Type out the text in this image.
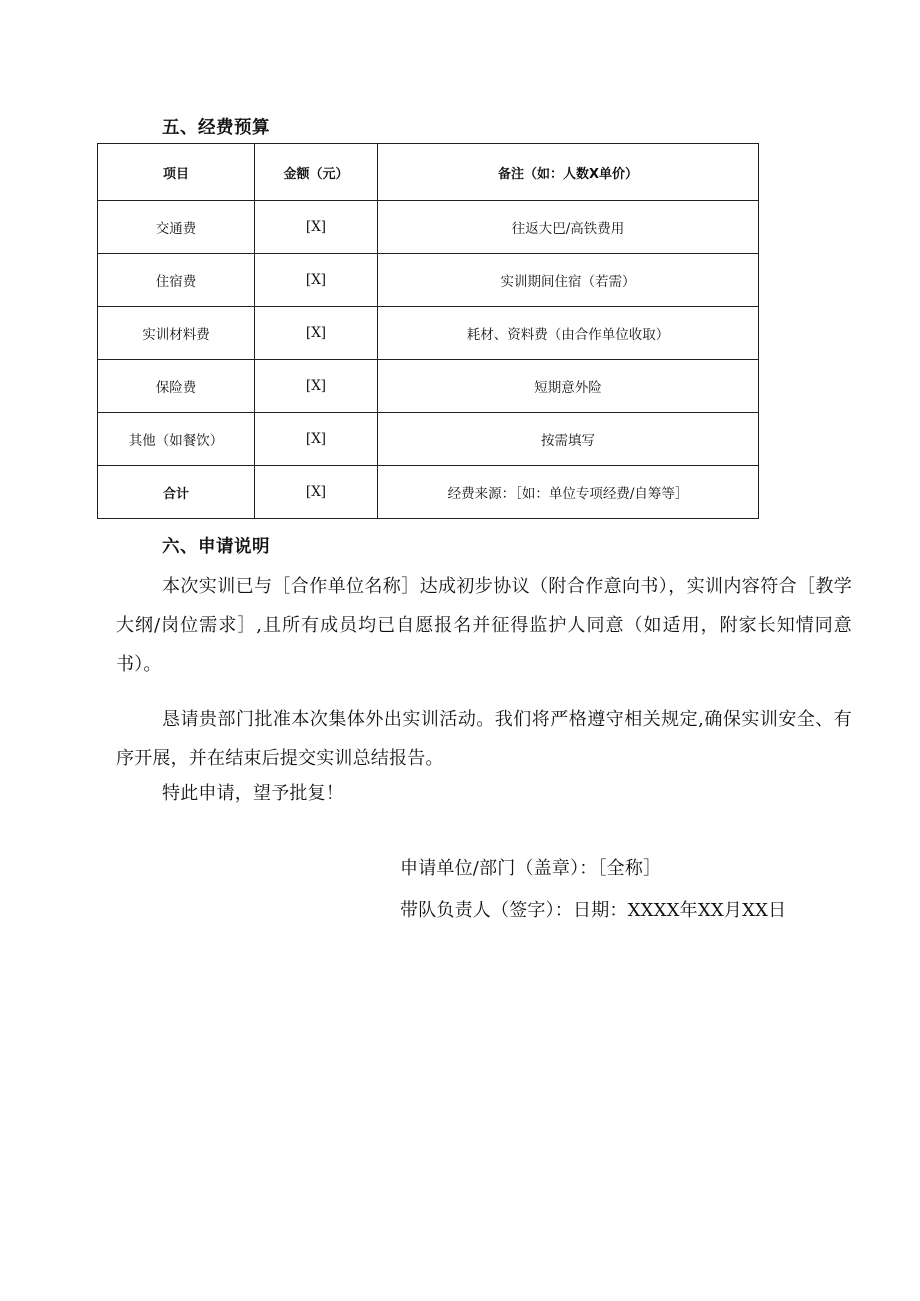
五、经费预算
项目	金额（元）	备注（如：人数X单价）
交通费	[X]	往返大巴/高铁费用
住宿费	[X]	实训期间住宿（若需）
实训材料费	[X]	耗材、资料费（由合作单位收取）
保险费	[X]	短期意外险
其他（如餐饮）	[X]	按需填写
合计	[X]	经费来源：［如：单位专项经费/自筹等］
六、申请说明

本次实训已与［合作单位名称］达成初步协议（附合作意向书），实训内容符合［教学大纲/岗位需求］,且所有成员均已自愿报名并征得监护人同意（如适用，附家长知情同意书）。

恳请贵部门批准本次集体外出实训活动。我们将严格遵守相关规定,确保实训安全、有序开展，并在结束后提交实训总结报告。

特此申请，望予批复！

申请单位/部门（盖章）：［全称］

带队负责人（签字）：日期：XXXX年XX月XX日
